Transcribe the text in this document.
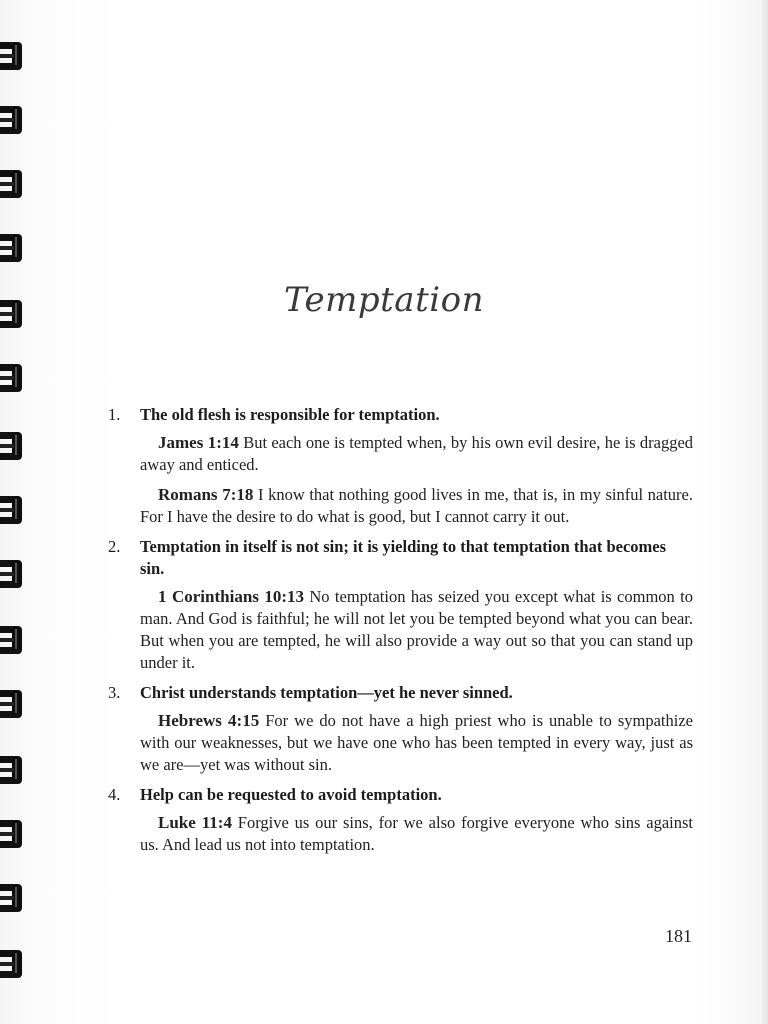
Temptation
1. The old flesh is responsible for temptation.

James 1:14 But each one is tempted when, by his own evil desire, he is dragged away and enticed.

Romans 7:18 I know that nothing good lives in me, that is, in my sinful nature. For I have the desire to do what is good, but I cannot carry it out.

2. Temptation in itself is not sin; it is yielding to that temptation that becomes sin.

1 Corinthians 10:13 No temptation has seized you except what is common to man. And God is faithful; he will not let you be tempted beyond what you can bear. But when you are tempted, he will also provide a way out so that you can stand up under it.

3. Christ understands temptation—yet he never sinned.

Hebrews 4:15 For we do not have a high priest who is unable to sympathize with our weaknesses, but we have one who has been tempted in every way, just as we are—yet was without sin.

4. Help can be requested to avoid temptation.

Luke 11:4 Forgive us our sins, for we also forgive everyone who sins against us. And lead us not into temptation.

181
